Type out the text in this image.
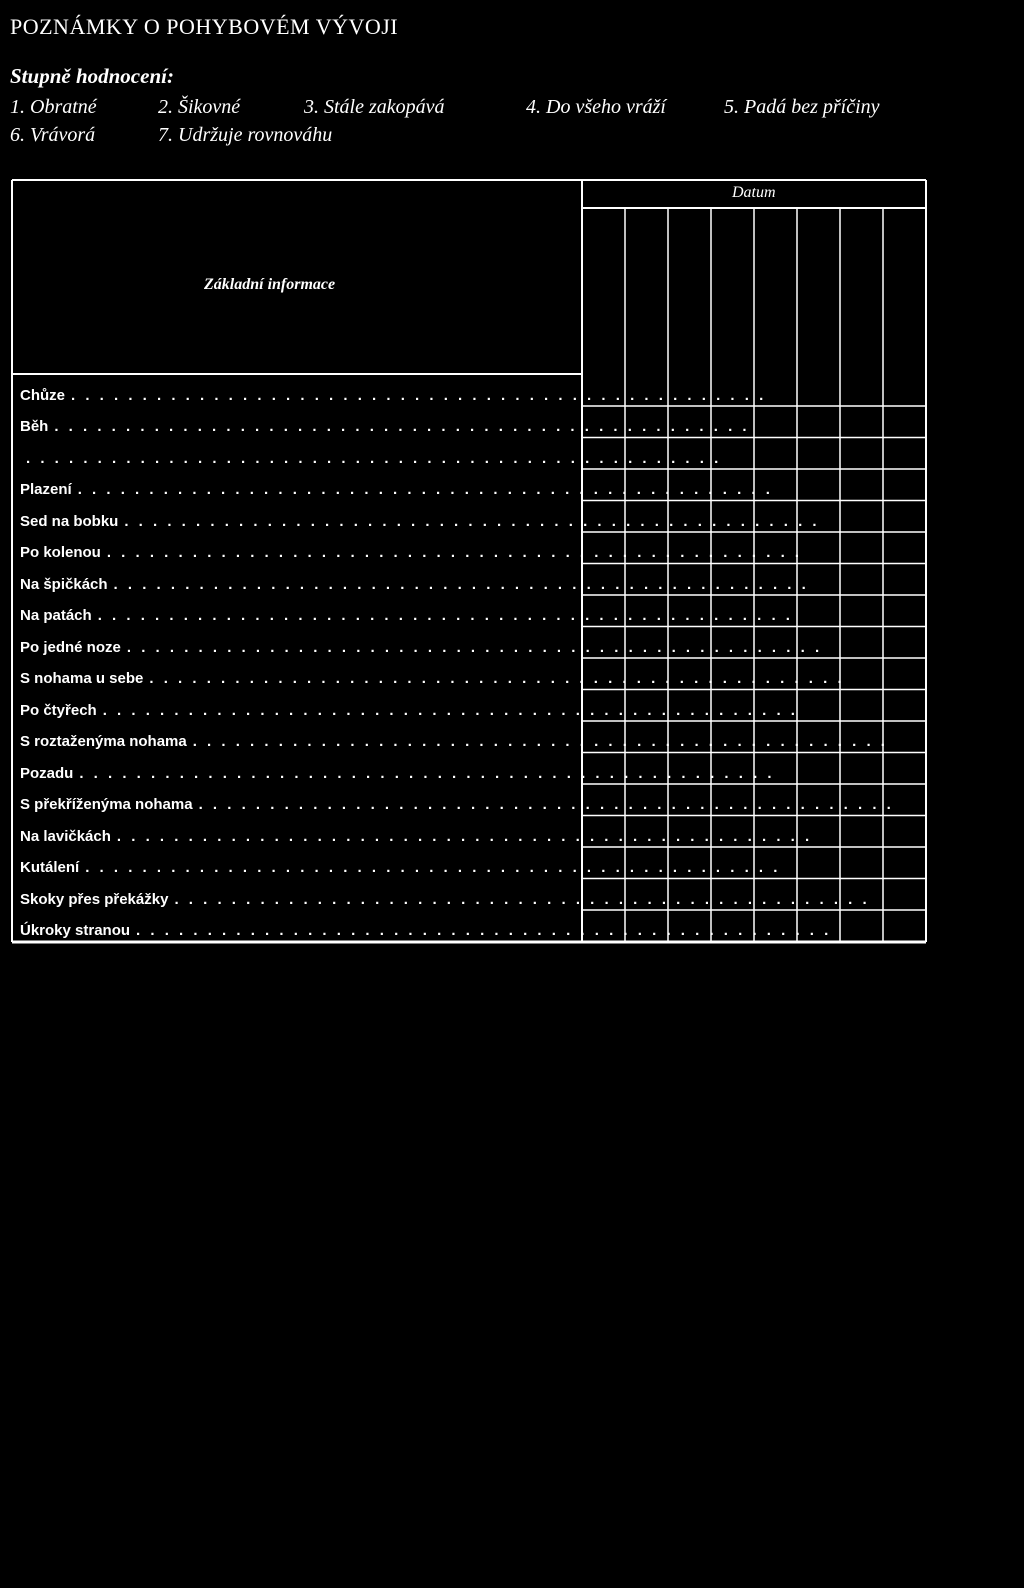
POZNÁMKY O POHYBOVÉM VÝVOJI
Stupně hodnocení:
1. Obratné	2. Šikovné	3. Stále zakopává	4. Do všeho vráží	5. Padá bez příčiny
6. Vrávorá	7. Udržuje rovnováhu
Základní informace
Datum
Chůze . . . . . . . . . . . . . . . . . . . . . . . . . . . . . . . . . . . . . . . . . . . . . . . . .
Běh . . . . . . . . . . . . . . . . . . . . . . . . . . . . . . . . . . . . . . . . . . . . . . . . .
. . . . . . . . . . . . . . . . . . . . . . . . . . . . . . . . . . . . . . . . . . . . . . . . .
Plazení . . . . . . . . . . . . . . . . . . . . . . . . . . . . . . . . . . . . . . . . . . . . . . . . .
Sed na bobku . . . . . . . . . . . . . . . . . . . . . . . . . . . . . . . . . . . . . . . . . . . . . . . . .
Po kolenou . . . . . . . . . . . . . . . . . . . . . . . . . . . . . . . . . . . . . . . . . . . . . . . . .
Na špičkách . . . . . . . . . . . . . . . . . . . . . . . . . . . . . . . . . . . . . . . . . . . . . . . . .
Na patách . . . . . . . . . . . . . . . . . . . . . . . . . . . . . . . . . . . . . . . . . . . . . . . . .
Po jedné noze . . . . . . . . . . . . . . . . . . . . . . . . . . . . . . . . . . . . . . . . . . . . . . . . .
S nohama u sebe . . . . . . . . . . . . . . . . . . . . . . . . . . . . . . . . . . . . . . . . . . . . . . . . .
Po čtyřech . . . . . . . . . . . . . . . . . . . . . . . . . . . . . . . . . . . . . . . . . . . . . . . . .
S roztaženýma nohama . . . . . . . . . . . . . . . . . . . . . . . . . . . . . . . . . . . . . . . . . . . . . . . . .
Pozadu . . . . . . . . . . . . . . . . . . . . . . . . . . . . . . . . . . . . . . . . . . . . . . . . .
S překříženýma nohama . . . . . . . . . . . . . . . . . . . . . . . . . . . . . . . . . . . . . . . . . . . . . . . . .
Na lavičkách . . . . . . . . . . . . . . . . . . . . . . . . . . . . . . . . . . . . . . . . . . . . . . . . .
Kutálení . . . . . . . . . . . . . . . . . . . . . . . . . . . . . . . . . . . . . . . . . . . . . . . . .
Skoky přes překážky . . . . . . . . . . . . . . . . . . . . . . . . . . . . . . . . . . . . . . . . . . . . . . . . .
Úkroky stranou . . . . . . . . . . . . . . . . . . . . . . . . . . . . . . . . . . . . . . . . . . . . . . . . .
